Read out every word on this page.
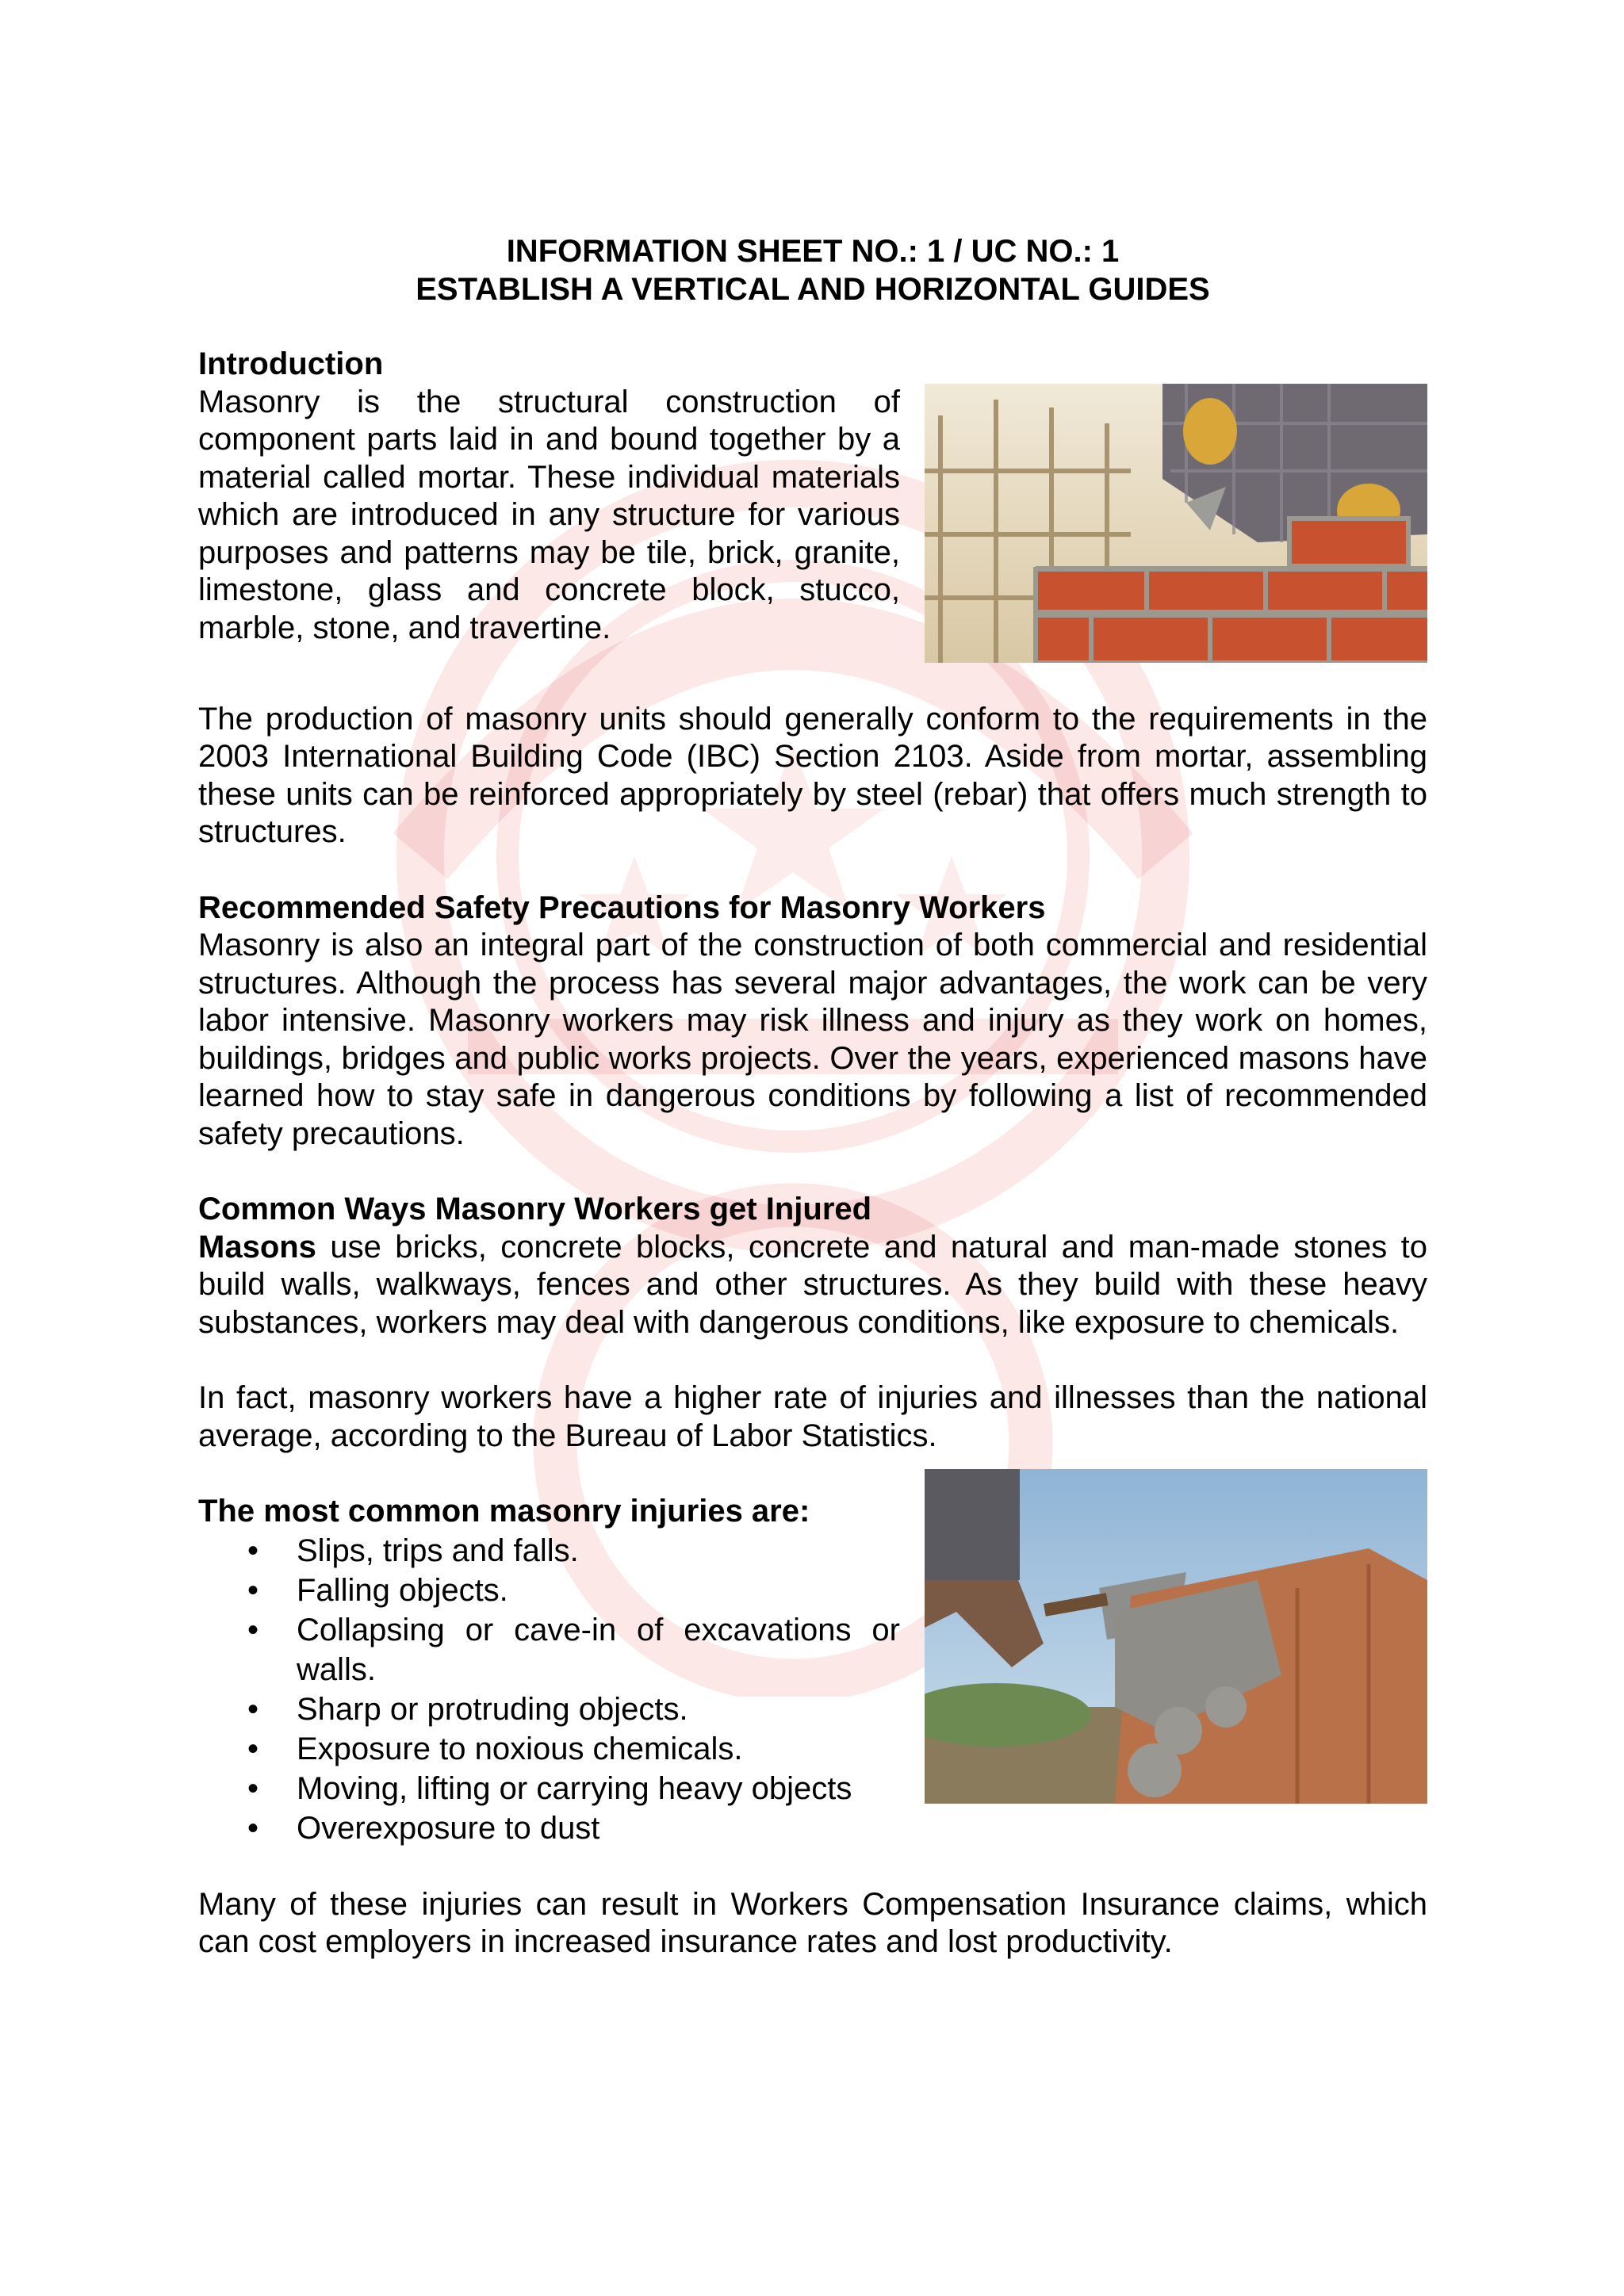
INFORMATION SHEET NO.: 1 / UC NO.: 1
ESTABLISH A VERTICAL AND HORIZONTAL GUIDES
Introduction

Masonry is the structural construction of component parts laid in and bound together by a material called mortar. These individual materials which are introduced in any structure for various purposes and patterns may be tile, brick, granite, limestone, glass and concrete block, stucco, marble, stone, and travertine.

The production of masonry units should generally conform to the requirements in the 2003 International Building Code (IBC) Section 2103. Aside from mortar, assembling these units can be reinforced appropriately by steel (rebar) that offers much strength to structures.

Recommended Safety Precautions for Masonry Workers

Masonry is also an integral part of the construction of both commercial and residential structures. Although the process has several major advantages, the work can be very labor intensive. Masonry workers may risk illness and injury as they work on homes, buildings, bridges and public works projects. Over the years, experienced masons have learned how to stay safe in dangerous conditions by following a list of recommended safety precautions.

Common Ways Masonry Workers get Injured

Masons use bricks, concrete blocks, concrete and natural and man-made stones to build walls, walkways, fences and other structures. As they build with these heavy substances, workers may deal with dangerous conditions, like exposure to chemicals.

In fact, masonry workers have a higher rate of injuries and illnesses than the national average, according to the Bureau of Labor Statistics.

The most common masonry injuries are:
• Slips, trips and falls.
• Falling objects.
• Collapsing or cave-in of excavations or walls.
• Sharp or protruding objects.
• Exposure to noxious chemicals.
• Moving, lifting or carrying heavy objects
• Overexposure to dust

Many of these injuries can result in Workers Compensation Insurance claims, which can cost employers in increased insurance rates and lost productivity.
